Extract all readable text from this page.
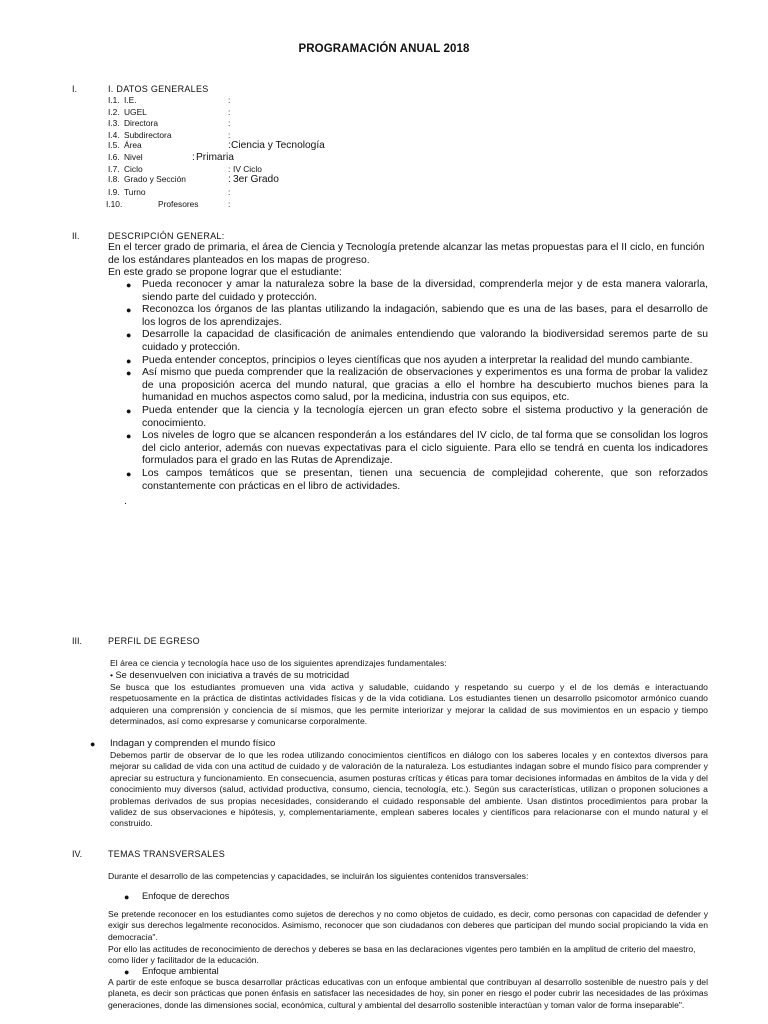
PROGRAMACIÓN ANUAL 2018
I.	I. DATOS GENERALES
I.1. I.E.	:
I.2. UGEL	:
I.3. Directora	:
I.4. Subdirectora	:
I.5. Área	: Ciencia y Tecnología
I.6. Nivel	: Primaria
I.7. Ciclo	: IV Ciclo
I.8. Grado y Sección	: 3er Grado
I.9. Turno	:
I.10.	Profesores	:
II.	DESCRIPCIÓN GENERAL:
En el tercer grado de primaria, el área de Ciencia y Tecnología pretende alcanzar las metas propuestas para el II ciclo, en función de los estándares planteados en los mapas de progreso.
En este grado se propone lograr que el estudiante:
● Pueda reconocer y amar la naturaleza sobre la base de la diversidad, comprenderla mejor y de esta manera valorarla, siendo parte del cuidado y protección.
● Reconozca los órganos de las plantas utilizando la indagación, sabiendo que es una de las bases, para el desarrollo de los logros de los aprendizajes.
● Desarrolle la capacidad de clasificación de animales entendiendo que valorando la biodiversidad seremos parte de su cuidado y protección.
● Pueda entender conceptos, principios o leyes científicas que nos ayuden a interpretar la realidad del mundo cambiante.
● Así mismo que pueda comprender que la realización de observaciones y experimentos es una forma de probar la validez de una proposición acerca del mundo natural, que gracias a ello el hombre ha descubierto muchos bienes para la humanidad en muchos aspectos como salud, por la medicina, industria con sus equipos, etc.
● Pueda entender que la ciencia y la tecnología ejercen un gran efecto sobre el sistema productivo y la generación de conocimiento.
● Los niveles de logro que se alcancen responderán a los estándares del IV ciclo, de tal forma que se consolidan los logros del ciclo anterior, además con nuevas expectativas para el ciclo siguiente. Para ello se tendrá en cuenta los indicadores formulados para el grado en las Rutas de Aprendizaje.
● Los campos temáticos que se presentan, tienen una secuencia de complejidad coherente, que son reforzados constantemente con prácticas en el libro de actividades.
.
III.	PERFIL DE EGRESO
El área ce ciencia y tecnología hace uso de los siguientes aprendizajes fundamentales:
• Se desenvuelven con iniciativa a través de su motricidad
Se busca que los estudiantes promueven una vida activa y saludable, cuidando y respetando su cuerpo y el de los demás e interactuando respetuosamente en la práctica de distintas actividades físicas y de la vida cotidiana. Los estudiantes tienen un desarrollo psicomotor armónico cuando adquieren una comprensión y conciencia de sí mismos, que les permite interiorizar y mejorar la calidad de sus movimientos en un espacio y tiempo determinados, así como expresarse y comunicarse corporalmente.
● Indagan y comprenden el mundo físico
Debemos partir de observar de lo que les rodea utilizando conocimientos científicos en diálogo con los saberes locales y en contextos diversos para mejorar su calidad de vida con una actitud de cuidado y de valoración de la naturaleza. Los estudiantes indagan sobre el mundo físico para comprender y apreciar su estructura y funcionamiento. En consecuencia, asumen posturas críticas y éticas para tomar decisiones informadas en ámbitos de la vida y del conocimiento muy diversos (salud, actividad productiva, consumo, ciencia, tecnología, etc.). Según sus características, utilizan o proponen soluciones a problemas derivados de sus propias necesidades, considerando el cuidado responsable del ambiente. Usan distintos procedimientos para probar la validez de sus observaciones e hipótesis, y, complementariamente, emplean saberes locales y científicos para relacionarse con el mundo natural y el construido.
IV.	TEMAS TRANSVERSALES
Durante el desarrollo de las competencias y capacidades, se incluirán los siguientes contenidos transversales:
● Enfoque de derechos
Se pretende reconocer en los estudiantes como sujetos de derechos y no como objetos de cuidado, es decir, como personas con capacidad de defender y exigir sus derechos legalmente reconocidos. Asimismo, reconocer que son ciudadanos con deberes que participan del mundo social propiciando la vida en democracia".
Por ello las actitudes de reconocimiento de derechos y deberes se basa en las declaraciones vigentes pero también en la amplitud de criterio del maestro, como líder y facilitador de la educación.
● Enfoque ambiental
A partir de este enfoque se busca desarrollar prácticas educativas con un enfoque ambiental que contribuyan al desarrollo sostenible de nuestro país y del planeta, es decir son prácticas que ponen énfasis en satisfacer las necesidades de hoy, sin poner en riesgo el poder cubrir las necesidades de las próximas generaciones, donde las dimensiones social, económica, cultural y ambiental del desarrollo sostenible interactúan y toman valor de forma inseparable".
